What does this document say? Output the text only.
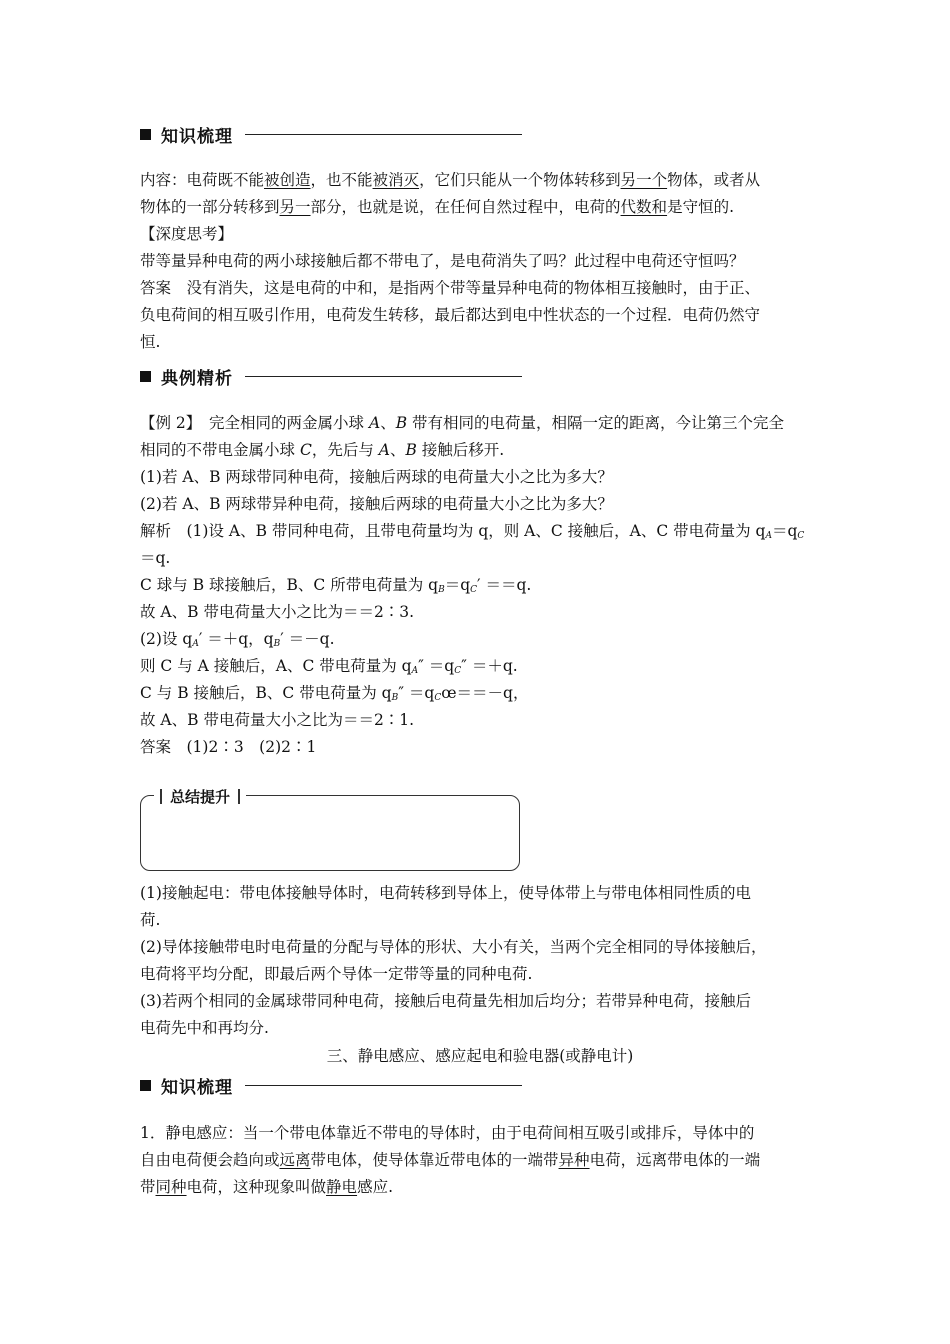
知识梳理
内容：电荷既不能被创造，也不能被消灭，它们只能从一个物体转移到另一个物体，或者从
物体的一部分转移到另一部分，也就是说，在任何自然过程中，电荷的代数和是守恒的.
【深度思考】
带等量异种电荷的两小球接触后都不带电了，是电荷消失了吗？此过程中电荷还守恒吗？
答案　没有消失，这是电荷的中和，是指两个带等量异种电荷的物体相互接触时，由于正、
负电荷间的相互吸引作用，电荷发生转移，最后都达到电中性状态的一个过程．电荷仍然守
恒.
典例精析
【例 2】　完全相同的两金属小球 A、B 带有相同的电荷量，相隔一定的距离，今让第三个完全
相同的不带电金属小球 C，先后与 A、B 接触后移开.
(1)若 A、B 两球带同种电荷，接触后两球的电荷量大小之比为多大？
(2)若 A、B 两球带异种电荷，接触后两球的电荷量大小之比为多大？
解析　(1)设 A、B 带同种电荷，且带电荷量均为 q，则 A、C 接触后，A、C 带电荷量为 $q_A=q_C$
＝q.
C 球与 B 球接触后，B、C 所带电荷量为 $q_B=q_C' ==q$.
故 A、B 带电荷量大小之比为＝＝2∶3.
(2)设 $q_A' =+q$，$q_B' =-q$.
则 C 与 A 接触后，A、C 带电荷量为 $q_A'' =q_C'' =+q$.
C 与 B 接触后，B、C 带电荷量为 $q_B''$ $=q_Cœ==-q$，
故 A、B 带电荷量大小之比为＝＝2∶1.
答案　(1)2∶3　(2)2∶1
总结提升
(1)接触起电：带电体接触导体时，电荷转移到导体上，使导体带上与带电体相同性质的电
荷.
(2)导体接触带电时电荷量的分配与导体的形状、大小有关，当两个完全相同的导体接触后，
电荷将平均分配，即最后两个导体一定带等量的同种电荷.
(3)若两个相同的金属球带同种电荷，接触后电荷量先相加后均分；若带异种电荷，接触后
电荷先中和再均分.
三、静电感应、感应起电和验电器(或静电计)
知识梳理
1．静电感应：当一个带电体靠近不带电的导体时，由于电荷间相互吸引或排斥，导体中的
自由电荷便会趋向或远离带电体，使导体靠近带电体的一端带异种电荷，远离带电体的一端
带同种电荷，这种现象叫做静电感应.
